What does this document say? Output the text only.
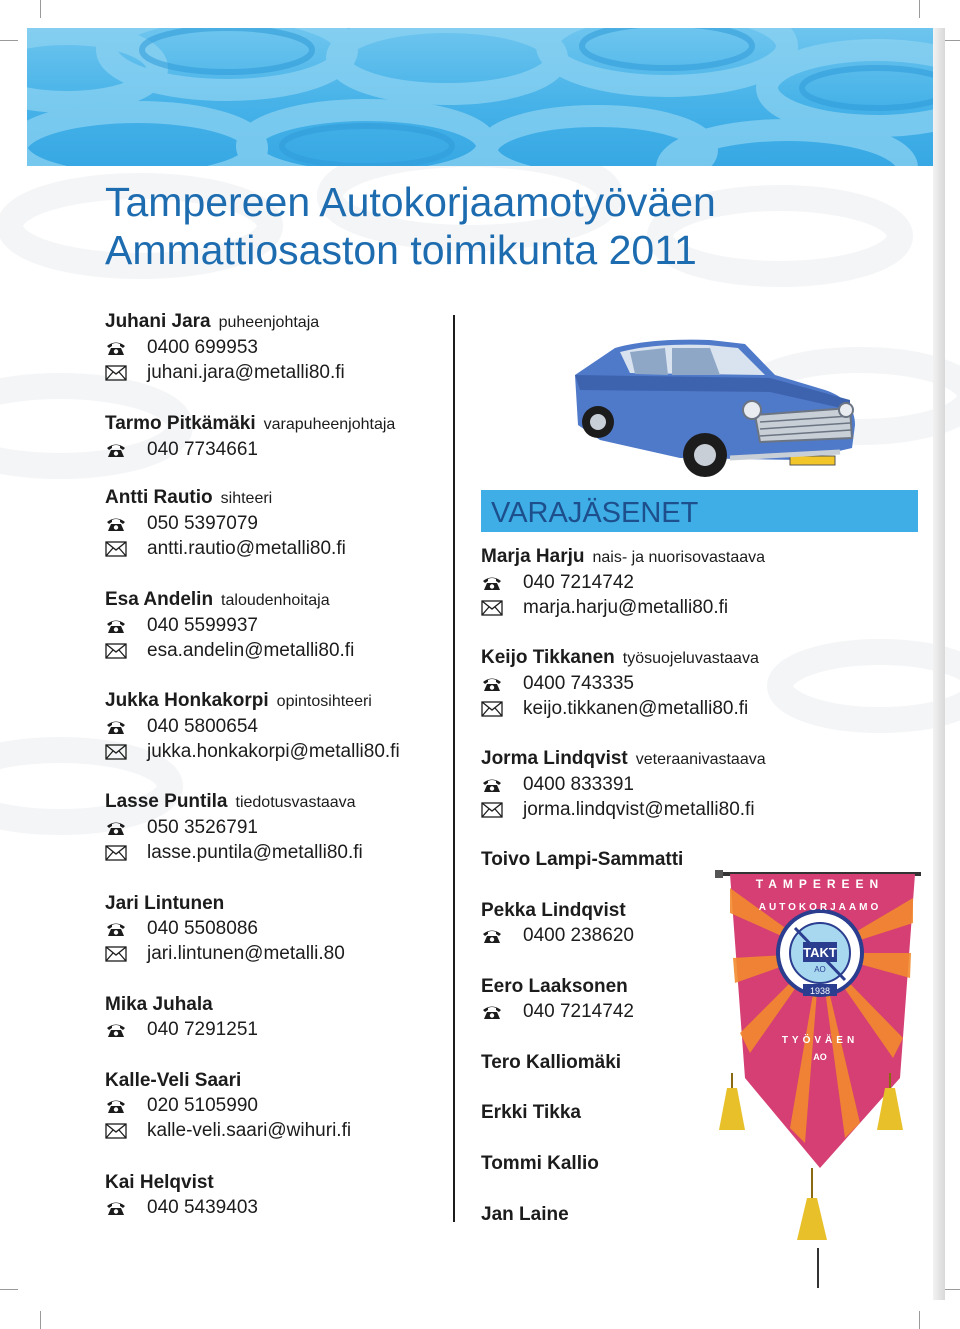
Tampereen Autokorjaamotyöväen
Ammattiosaston toimikunta 2011
Juhani Jara puheenjohtaja
0400 699953
juhani.jara@metalli80.fi
Tarmo Pitkämäki varapuheenjohtaja
040 7734661
Antti Rautio sihteeri
050 5397079
antti.rautio@metalli80.fi
Esa Andelin taloudenhoitaja
040 5599937
esa.andelin@metalli80.fi
Jukka Honkakorpi opintosihteeri
040 5800654
jukka.honkakorpi@metalli80.fi
Lasse Puntila tiedotusvastaava
050 3526791
lasse.puntila@metalli80.fi
Jari Lintunen
040 5508086
jari.lintunen@metalli.80
Mika Juhala
040 7291251
Kalle-Veli Saari
020 5105990
kalle-veli.saari@wihuri.fi
Kai Helqvist
040 5439403
VARAJÄSENET
Marja Harju nais- ja nuorisovastaava
040 7214742
marja.harju@metalli80.fi
Keijo Tikkanen työsuojeluvastaava
0400 743335
keijo.tikkanen@metalli80.fi
Jorma Lindqvist veteraanivastaava
0400 833391
jorma.lindqvist@metalli80.fi
Toivo Lampi-Sammatti
Pekka Lindqvist
0400 238620
Eero Laaksonen
040 7214742
Tero Kalliomäki
Erkki Tikka
Tommi Kallio
Jan Laine
TAMPEREEN
AUTOKORJAAMO
TAKT
AO
1938
TYÖVÄEN
AO
